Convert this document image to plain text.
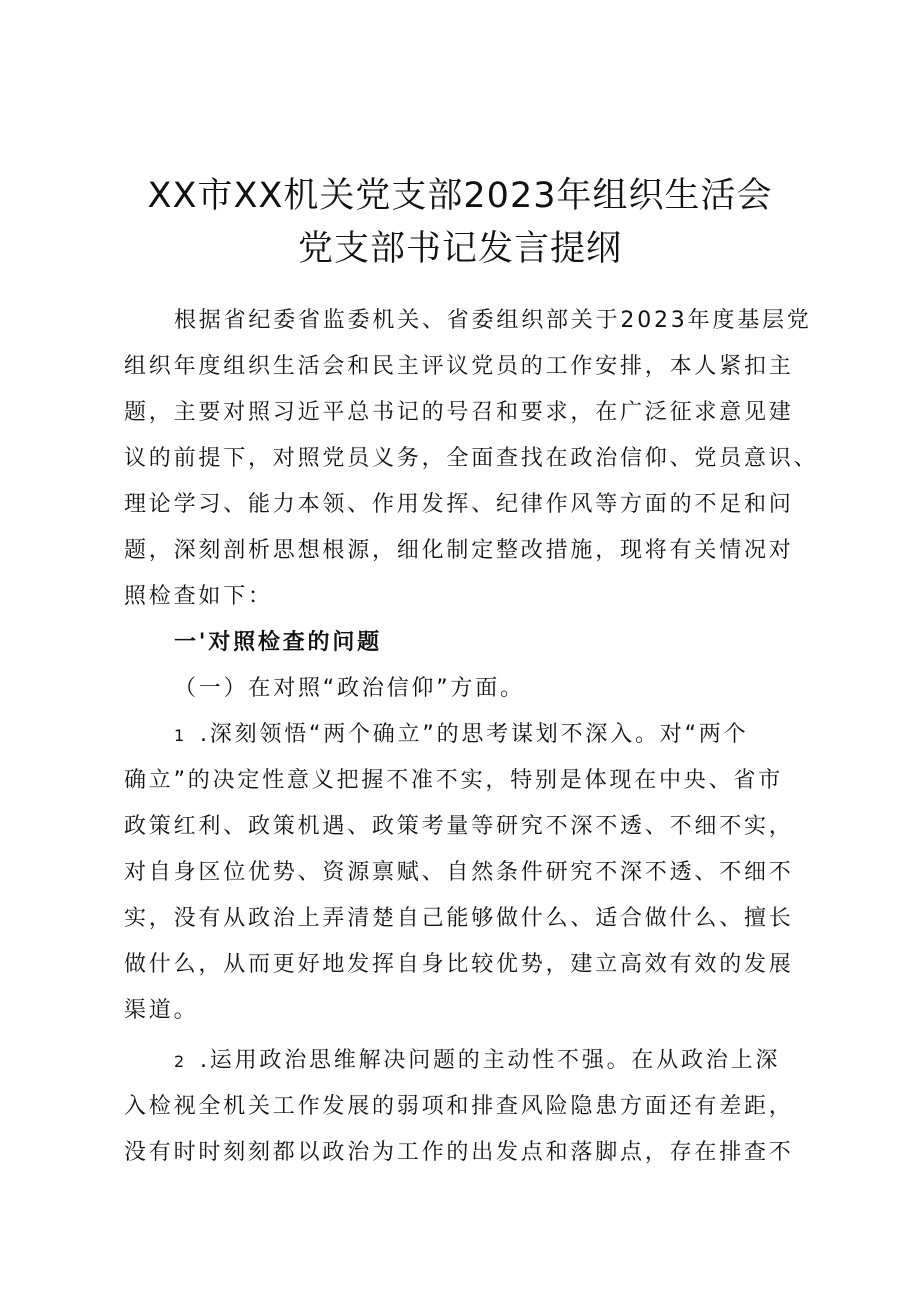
XX市XX机关党支部2023年组织生活会
党支部书记发言提纲
根据省纪委省监委机关、省委组织部关于2023年度基层党
组织年度组织生活会和民主评议党员的工作安排，本人紧扣主
题，主要对照习近平总书记的号召和要求，在广泛征求意见建
议的前提下，对照党员义务，全面查找在政治信仰、党员意识、
理论学习、能力本领、作用发挥、纪律作风等方面的不足和问
题，深刻剖析思想根源，细化制定整改措施，现将有关情况对
照检查如下：
一'对照检查的问题
（一）在对照“政治信仰”方面。
1 .深刻领悟“两个确立”的思考谋划不深入。对“两个
确立”的决定性意义把握不准不实，特别是体现在中央、省市
政策红利、政策机遇、政策考量等研究不深不透、不细不实，
对自身区位优势、资源禀赋、自然条件研究不深不透、不细不
实，没有从政治上弄清楚自己能够做什么、适合做什么、擅长
做什么，从而更好地发挥自身比较优势，建立高效有效的发展
渠道。
2 .运用政治思维解决问题的主动性不强。在从政治上深
入检视全机关工作发展的弱项和排查风险隐患方面还有差距，
没有时时刻刻都以政治为工作的出发点和落脚点，存在排查不
